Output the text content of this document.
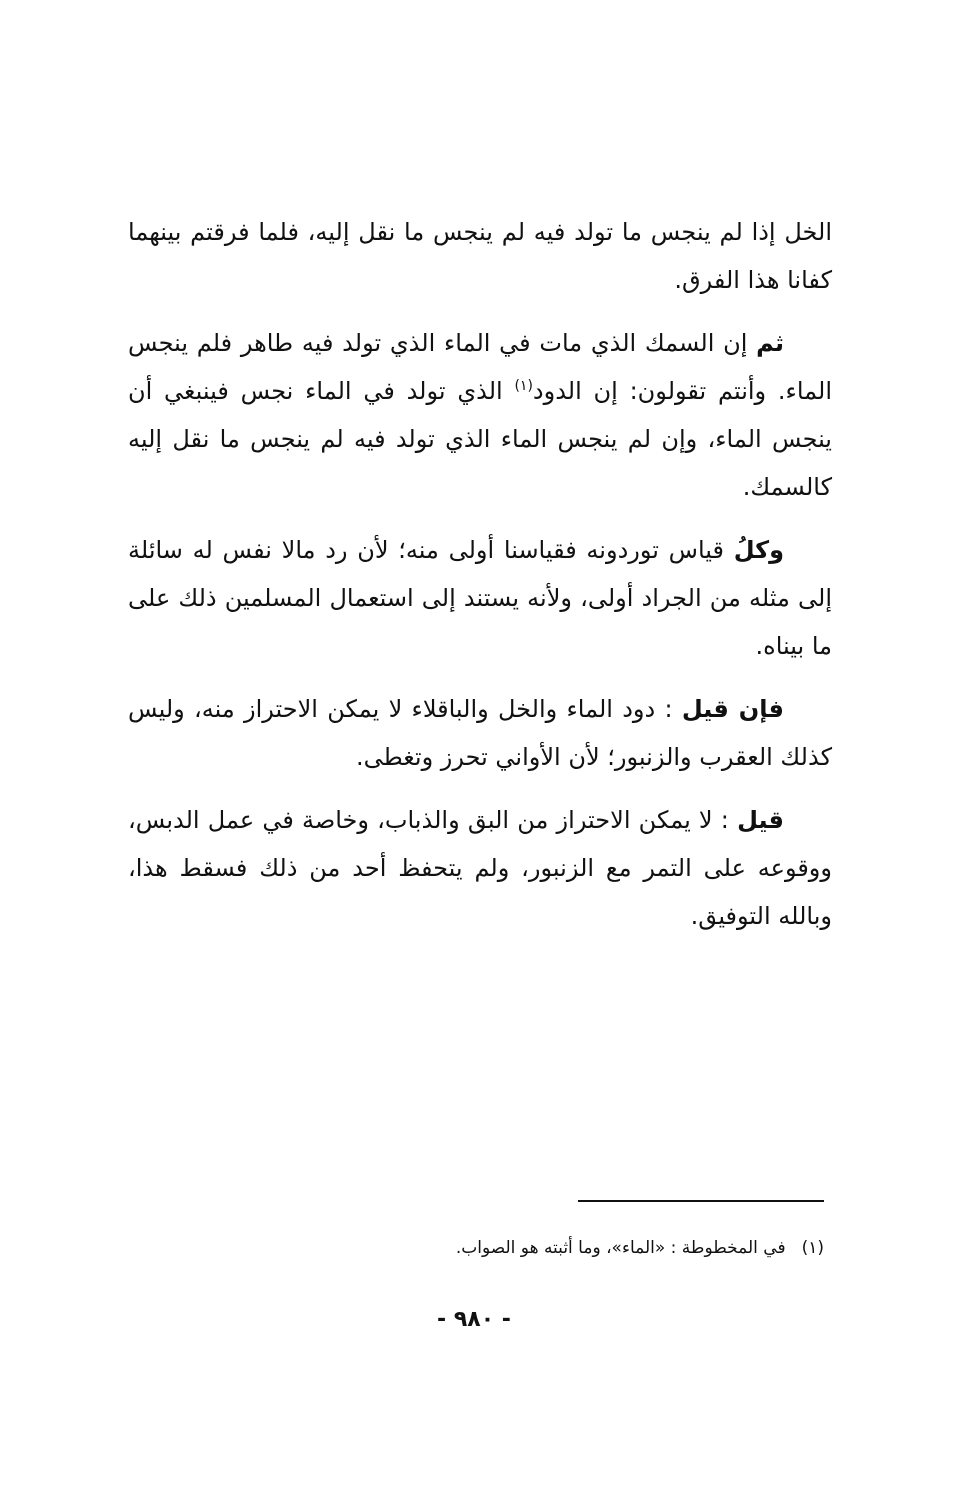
الخل إذا لم ينجس ما تولد فيه لم ينجس ما نقل إليه، فلما فرقتم بينهما كفانا هذا الفرق.

ثم إن السمك الذي مات في الماء الذي تولد فيه طاهر فلم ينجس الماء. وأنتم تقولون: إن الدود$^{(١)}$ الذي تولد في الماء نجس فينبغي أن ينجس الماء، وإن لم ينجس الماء الذي تولد فيه لم ينجس ما نقل إليه كالسمك.

وكلُ قياس توردونه فقياسنا أولى منه؛ لأن رد مالا نفس له سائلة إلى مثله من الجراد أولى، ولأنه يستند إلى استعمال المسلمين ذلك على ما بيناه.

فإن قيل : دود الماء والخل والباقلاء لا يمكن الاحتراز منه، وليس كذلك العقرب والزنبور؛ لأن الأواني تحرز وتغطى.

قيل : لا يمكن الاحتراز من البق والذباب، وخاصة في عمل الدبس، ووقوعه على التمر مع الزنبور، ولم يتحفظ أحد من ذلك فسقط هذا، وبالله التوفيق.

(١)في المخطوطة : «الماء»، وما أثبته هو الصواب.
- ٩٨٠ -
